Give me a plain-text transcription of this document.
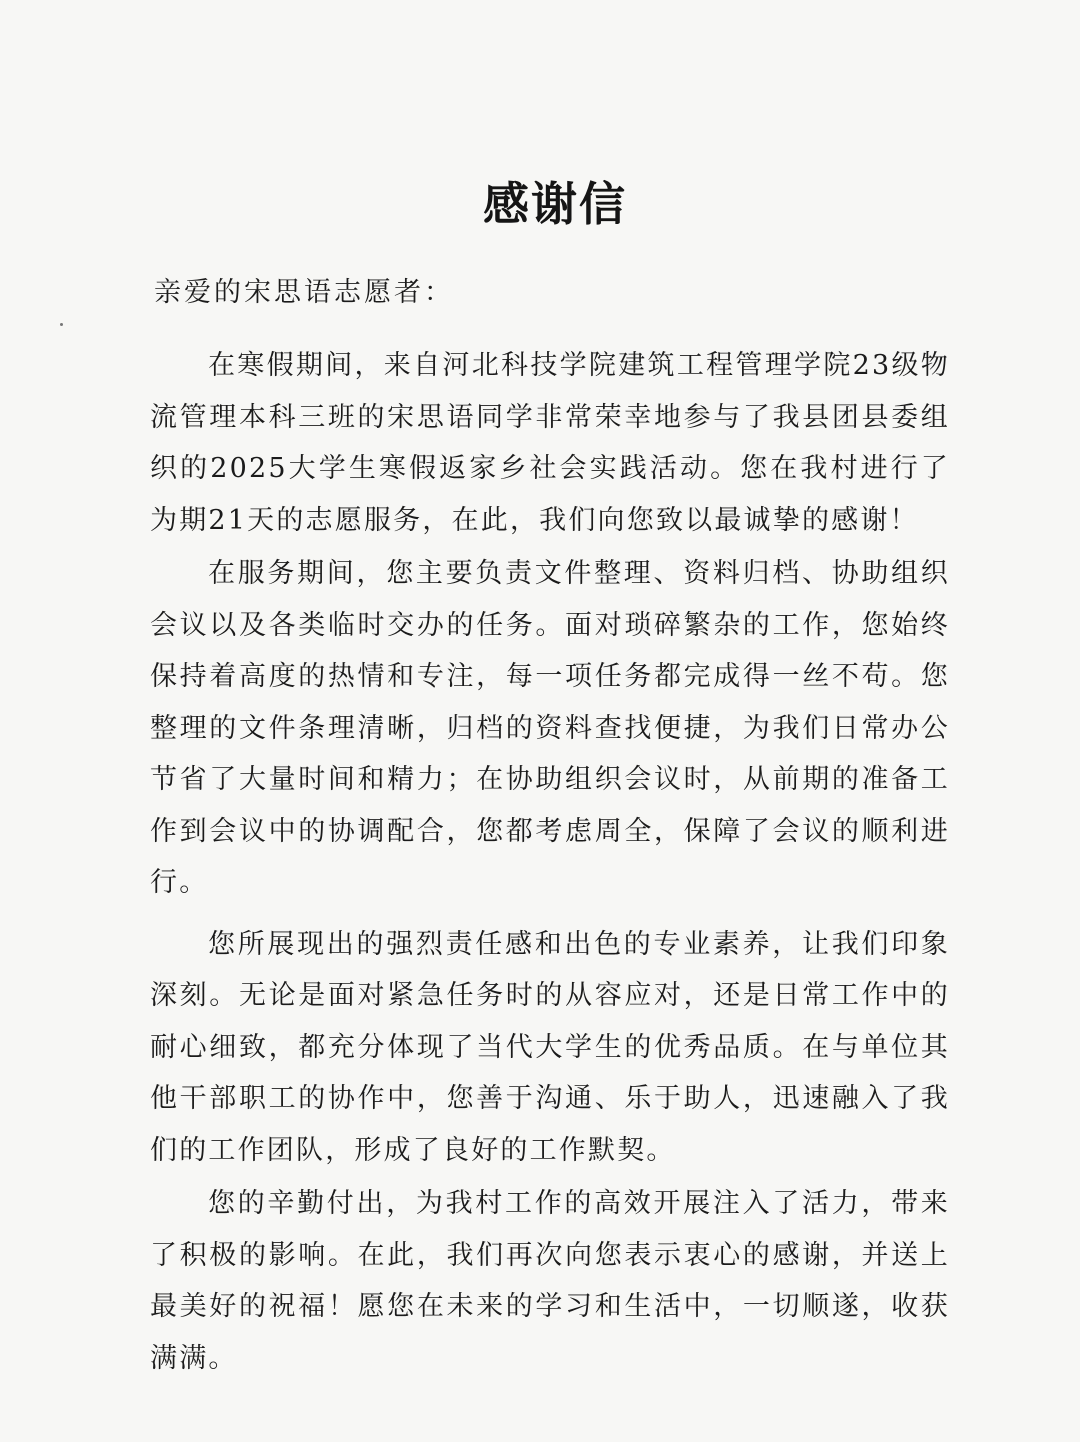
感谢信
亲爱的宋思语志愿者：

在寒假期间，来自河北科技学院建筑工程管理学院23级物流管理本科三班的宋思语同学非常荣幸地参与了我县团县委组织的2025大学生寒假返家乡社会实践活动。您在我村进行了为期21天的志愿服务，在此，我们向您致以最诚挚的感谢！

在服务期间，您主要负责文件整理、资料归档、协助组织会议以及各类临时交办的任务。面对琐碎繁杂的工作，您始终保持着高度的热情和专注，每一项任务都完成得一丝不苟。您整理的文件条理清晰，归档的资料查找便捷，为我们日常办公节省了大量时间和精力；在协助组织会议时，从前期的准备工作到会议中的协调配合，您都考虑周全，保障了会议的顺利进行。

您所展现出的强烈责任感和出色的专业素养，让我们印象深刻。无论是面对紧急任务时的从容应对，还是日常工作中的耐心细致，都充分体现了当代大学生的优秀品质。在与单位其他干部职工的协作中，您善于沟通、乐于助人，迅速融入了我们的工作团队，形成了良好的工作默契。

您的辛勤付出，为我村工作的高效开展注入了活力，带来了积极的影响。在此，我们再次向您表示衷心的感谢，并送上最美好的祝福！愿您在未来的学习和生活中，一切顺遂，收获满满。
